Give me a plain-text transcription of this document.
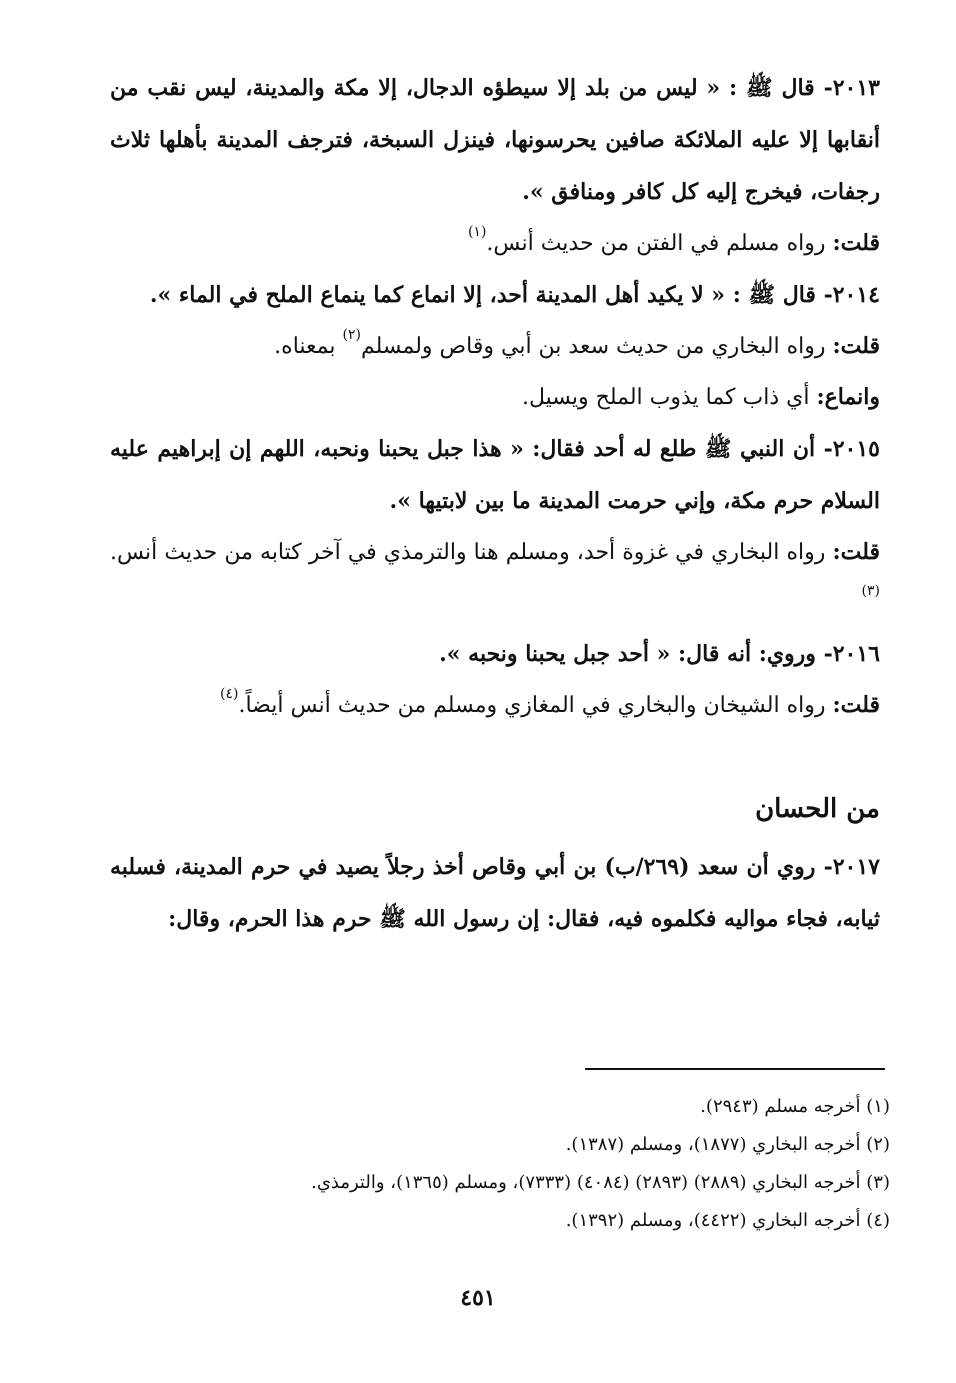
٢٠١٣- قال ﷺ : « ليس من بلد إلا سيطؤه الدجال، إلا مكة والمدينة، ليس نقب من أنقابها إلا عليه الملائكة صافين يحرسونها، فينزل السبخة، فترجف المدينة بأهلها ثلاث رجفات، فيخرج إليه كل كافر ومنافق ».

قلت: رواه مسلم في الفتن من حديث أنس.$^{(١)}$

٢٠١٤- قال ﷺ : « لا يكيد أهل المدينة أحد، إلا انماع كما ينماع الملح في الماء ».

قلت: رواه البخاري من حديث سعد بن أبي وقاص ولمسلم$^{(٢)}$ بمعناه.

وانماع: أي ذاب كما يذوب الملح ويسيل.

٢٠١٥- أن النبي ﷺ طلع له أحد فقال: « هذا جبل يحبنا ونحبه، اللهم إن إبراهيم عليه السلام حرم مكة، وإني حرمت المدينة ما بين لابتيها ».

قلت: رواه البخاري في غزوة أحد، ومسلم هنا والترمذي في آخر كتابه من حديث أنس.$^{(٣)}$

٢٠١٦- وروي: أنه قال: « أحد جبل يحبنا ونحبه ».

قلت: رواه الشيخان والبخاري في المغازي ومسلم من حديث أنس أيضاً.$^{(٤)}$

من الحسان

٢٠١٧- روي أن سعد (٢٦٩/ب) بن أبي وقاص أخذ رجلاً يصيد في حرم المدينة، فسلبه ثيابه، فجاء مواليه فكلموه فيه، فقال: إن رسول الله ﷺ حرم هذا الحرم، وقال:

(١) أخرجه مسلم (٢٩٤٣).
(٢) أخرجه البخاري (١٨٧٧)، ومسلم (١٣٨٧).
(٣) أخرجه البخاري (٢٨٨٩) (٢٨٩٣) (٤٠٨٤) (٧٣٣٣)، ومسلم (١٣٦٥)، والترمذي.
(٤) أخرجه البخاري (٤٤٢٢)، ومسلم (١٣٩٢).
٤٥١
